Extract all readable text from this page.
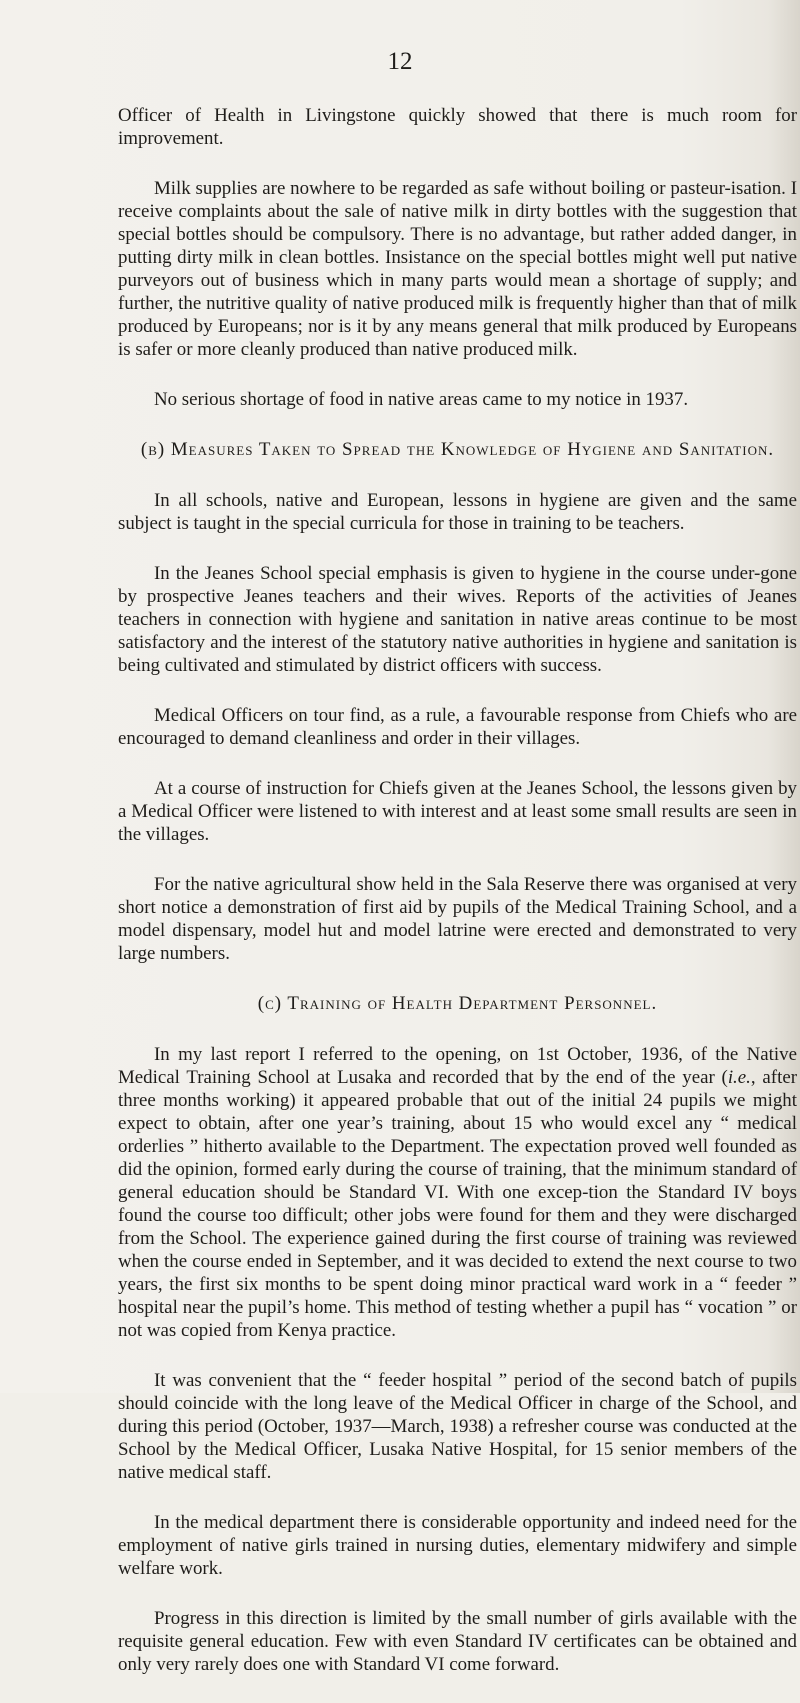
12

Officer of Health in Livingstone quickly showed that there is much room for improvement.

Milk supplies are nowhere to be regarded as safe without boiling or pasteur-isation. I receive complaints about the sale of native milk in dirty bottles with the suggestion that special bottles should be compulsory. There is no advantage, but rather added danger, in putting dirty milk in clean bottles. Insistance on the special bottles might well put native purveyors out of business which in many parts would mean a shortage of supply; and further, the nutritive quality of native produced milk is frequently higher than that of milk produced by Europeans; nor is it by any means general that milk produced by Europeans is safer or more cleanly produced than native produced milk.

No serious shortage of food in native areas came to my notice in 1937.

(b) Measures Taken to Spread the Knowledge of Hygiene and Sanitation.

In all schools, native and European, lessons in hygiene are given and the same subject is taught in the special curricula for those in training to be teachers.

In the Jeanes School special emphasis is given to hygiene in the course under-gone by prospective Jeanes teachers and their wives. Reports of the activities of Jeanes teachers in connection with hygiene and sanitation in native areas continue to be most satisfactory and the interest of the statutory native authorities in hygiene and sanitation is being cultivated and stimulated by district officers with success.

Medical Officers on tour find, as a rule, a favourable response from Chiefs who are encouraged to demand cleanliness and order in their villages.

At a course of instruction for Chiefs given at the Jeanes School, the lessons given by a Medical Officer were listened to with interest and at least some small results are seen in the villages.

For the native agricultural show held in the Sala Reserve there was organised at very short notice a demonstration of first aid by pupils of the Medical Training School, and a model dispensary, model hut and model latrine were erected and demonstrated to very large numbers.

(c) Training of Health Department Personnel.

In my last report I referred to the opening, on 1st October, 1936, of the Native Medical Training School at Lusaka and recorded that by the end of the year (i.e., after three months working) it appeared probable that out of the initial 24 pupils we might expect to obtain, after one year’s training, about 15 who would excel any “ medical orderlies ” hitherto available to the Department. The expectation proved well founded as did the opinion, formed early during the course of training, that the minimum standard of general education should be Standard VI. With one excep-tion the Standard IV boys found the course too difficult; other jobs were found for them and they were discharged from the School. The experience gained during the first course of training was reviewed when the course ended in September, and it was decided to extend the next course to two years, the first six months to be spent doing minor practical ward work in a “ feeder ” hospital near the pupil’s home. This method of testing whether a pupil has “ vocation ” or not was copied from Kenya practice.

It was convenient that the “ feeder hospital ” period of the second batch of pupils should coincide with the long leave of the Medical Officer in charge of the School, and during this period (October, 1937—March, 1938) a refresher course was conducted at the School by the Medical Officer, Lusaka Native Hospital, for 15 senior members of the native medical staff.

In the medical department there is considerable opportunity and indeed need for the employment of native girls trained in nursing duties, elementary midwifery and simple welfare work.

Progress in this direction is limited by the small number of girls available with the requisite general education. Few with even Standard IV certificates can be obtained and only very rarely does one with Standard VI come forward.
